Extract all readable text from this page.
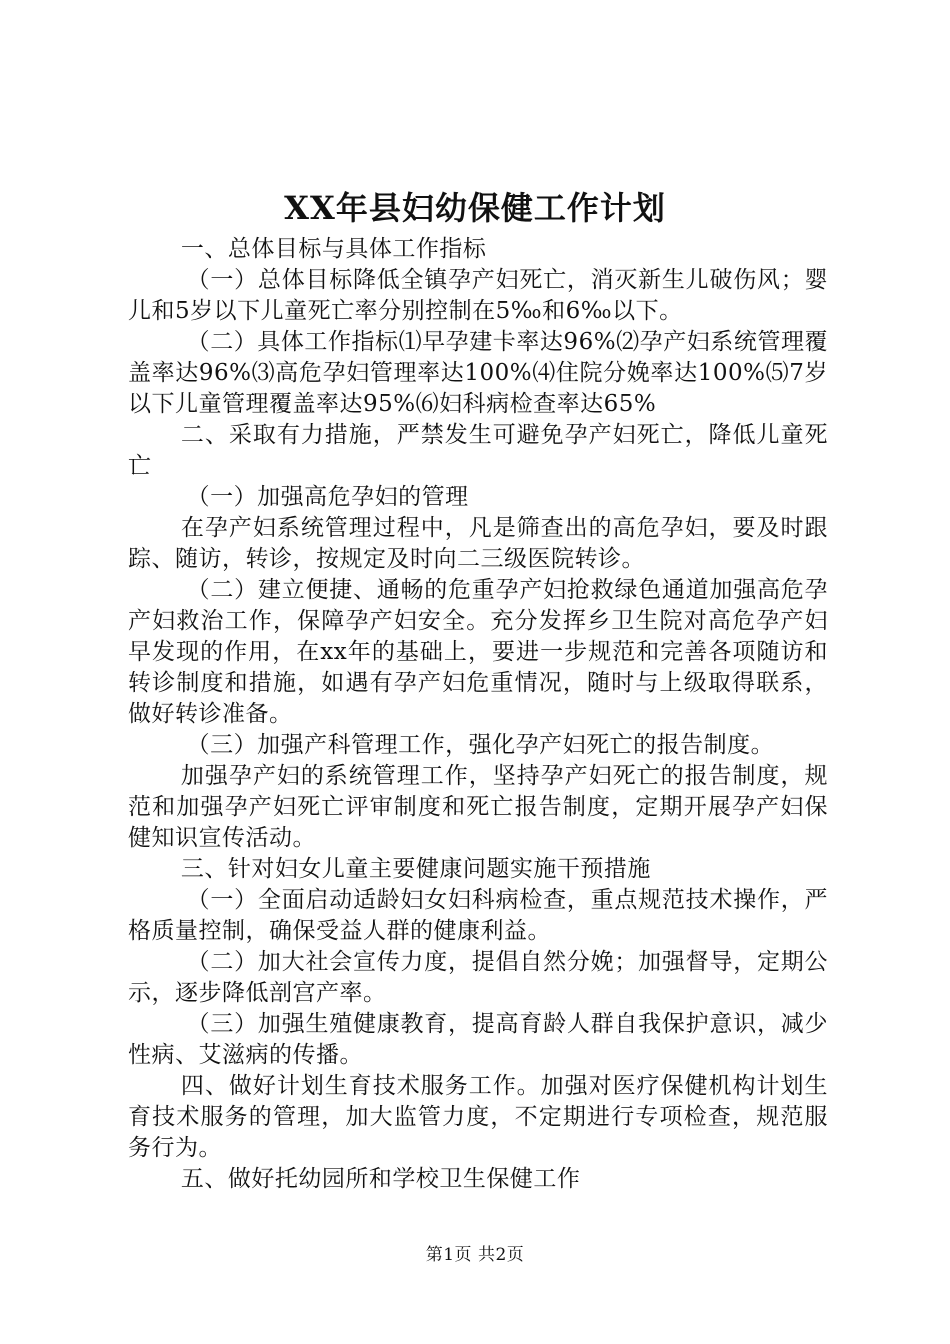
XX年县妇幼保健工作计划

一、总体目标与具体工作指标

（一）总体目标降低全镇孕产妇死亡，消灭新生儿破伤风；婴儿和5岁以下儿童死亡率分别控制在5‰和6‰以下。

（二）具体工作指标⑴早孕建卡率达96%⑵孕产妇系统管理覆盖率达96%⑶高危孕妇管理率达100%⑷住院分娩率达100%⑸7岁以下儿童管理覆盖率达95%⑹妇科病检查率达65%

二、采取有力措施，严禁发生可避免孕产妇死亡，降低儿童死亡

（一）加强高危孕妇的管理

在孕产妇系统管理过程中，凡是筛查出的高危孕妇，要及时跟踪、随访，转诊，按规定及时向二三级医院转诊。

（二）建立便捷、通畅的危重孕产妇抢救绿色通道加强高危孕产妇救治工作，保障孕产妇安全。充分发挥乡卫生院对高危孕产妇早发现的作用，在xx年的基础上，要进一步规范和完善各项随访和转诊制度和措施，如遇有孕产妇危重情况，随时与上级取得联系，做好转诊准备。

（三）加强产科管理工作，强化孕产妇死亡的报告制度。

加强孕产妇的系统管理工作，坚持孕产妇死亡的报告制度，规范和加强孕产妇死亡评审制度和死亡报告制度，定期开展孕产妇保健知识宣传活动。

三、针对妇女儿童主要健康问题实施干预措施

（一）全面启动适龄妇女妇科病检查，重点规范技术操作，严格质量控制，确保受益人群的健康利益。

（二）加大社会宣传力度，提倡自然分娩；加强督导，定期公示，逐步降低剖宫产率。

（三）加强生殖健康教育，提高育龄人群自我保护意识，减少性病、艾滋病的传播。

四、做好计划生育技术服务工作。加强对医疗保健机构计划生育技术服务的管理，加大监管力度，不定期进行专项检查，规范服务行为。

五、做好托幼园所和学校卫生保健工作

第1页 共2页
